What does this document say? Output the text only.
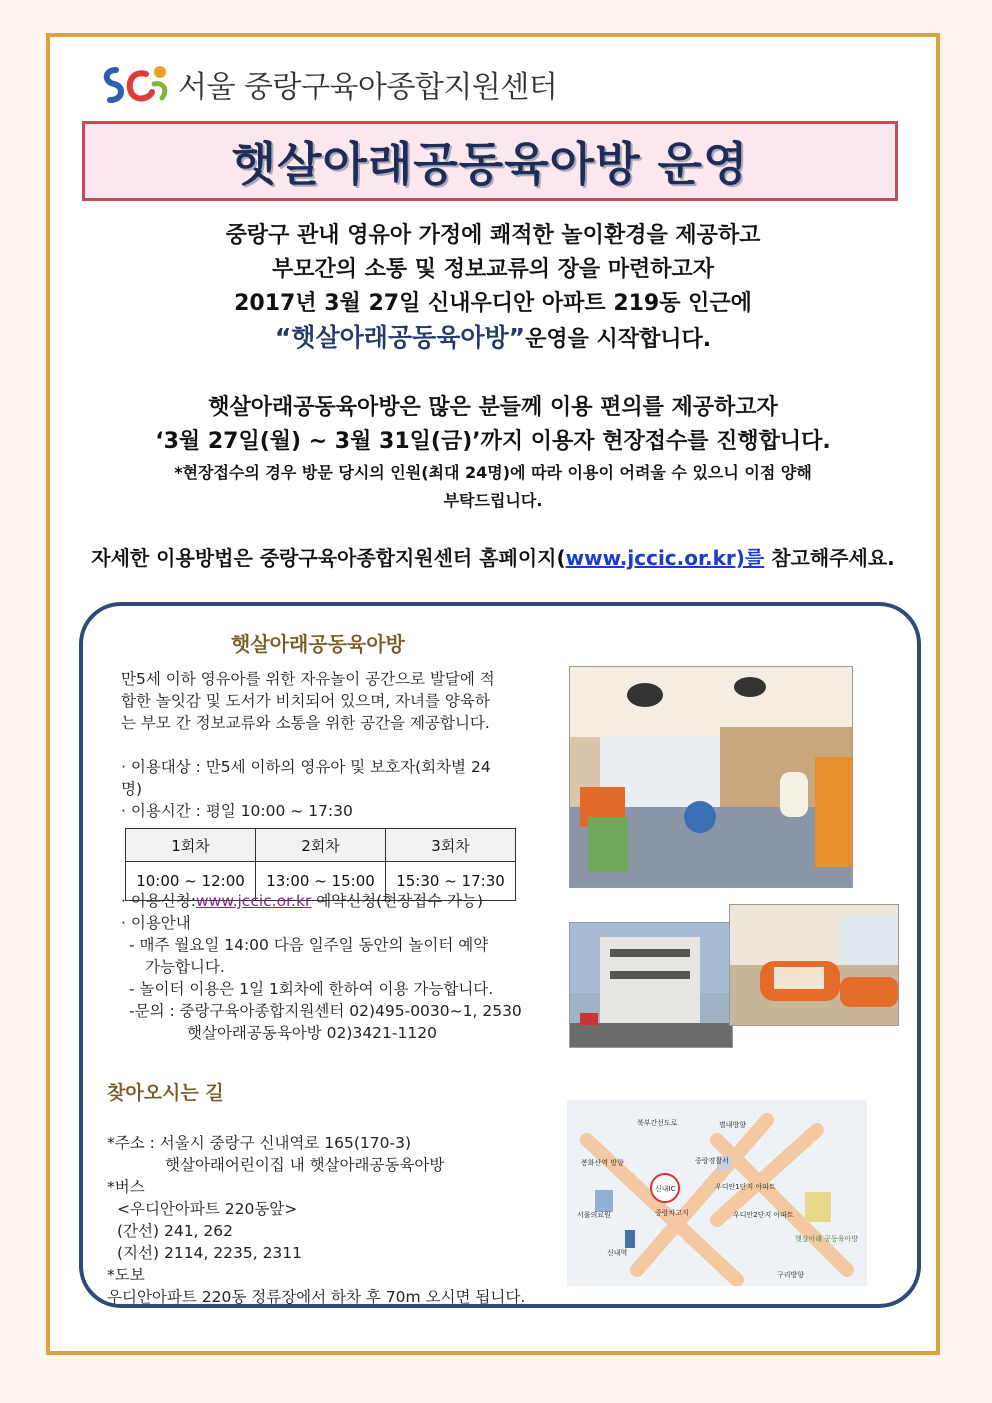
서울 중랑구육아종합지원센터
햇살아래공동육아방 운영
중랑구 관내 영유아 가정에 쾌적한 놀이환경을 제공하고
부모간의 소통 및 정보교류의 장을 마련하고자
2017년 3월 27일 신내우디안 아파트 219동 인근에
“햇살아래공동육아방”운영을 시작합니다.
햇살아래공동육아방은 많은 분들께 이용 편의를 제공하고자
‘3월 27일(월) ~ 3월 31일(금)’까지 이용자 현장접수를 진행합니다.
*현장접수의 경우 방문 당시의 인원(최대 24명)에 따라 이용이 어려울 수 있으니 이점 양해
부탁드립니다.
자세한 이용방법은 중랑구육아종합지원센터 홈페이지(www.jccic.or.kr)를 참고해주세요.
햇살아래공동육아방
만5세 이하 영유아를 위한 자유놀이 공간으로 발달에 적
합한 놀잇감 및 도서가 비치되어 있으며, 자녀를 양육하
는 부모 간 정보교류와 소통을 위한 공간을 제공합니다.
· 이용대상 : 만5세 이하의 영유아 및 보호자(회차별 24
명)
· 이용시간 : 평일 10:00 ~ 17:30
1회차	2회차	3회차
10:00 ~ 12:00	13:00 ~ 15:00	15:30 ~ 17:30
· 이용신청:www.jccic.or.kr 예약신청(현장접수 가능)
· 이용안내
- 매주 월요일 14:00 다음 일주일 동안의 놀이터 예약
가능합니다.
- 놀이터 이용은 1일 1회차에 한하여 이용 가능합니다.
-문의 : 중랑구육아종합지원센터 02)495-0030~1, 2530
햇살아래공동육아방 02)3421-1120
찾아오시는 길
*주소 : 서울시 중랑구 신내역로 165(170-3)
햇살아래어린이집 내 햇살아래공동육아방
*버스
<우디안아파트 220동앞>
(간선) 241, 262
(지선) 2114, 2235, 2311
*도보
우디안아파트 220동 정류장에서 하차 후 70m 오시면 됩니다.
북부간선도로
봉화산역 방향
신내IC
중랑경찰서
우디안1단지 아파트
별내방향
서울의료원	중랑차고지	우디안2단지 아파트
신내역
구리방향
햇살아래 공동육아방
